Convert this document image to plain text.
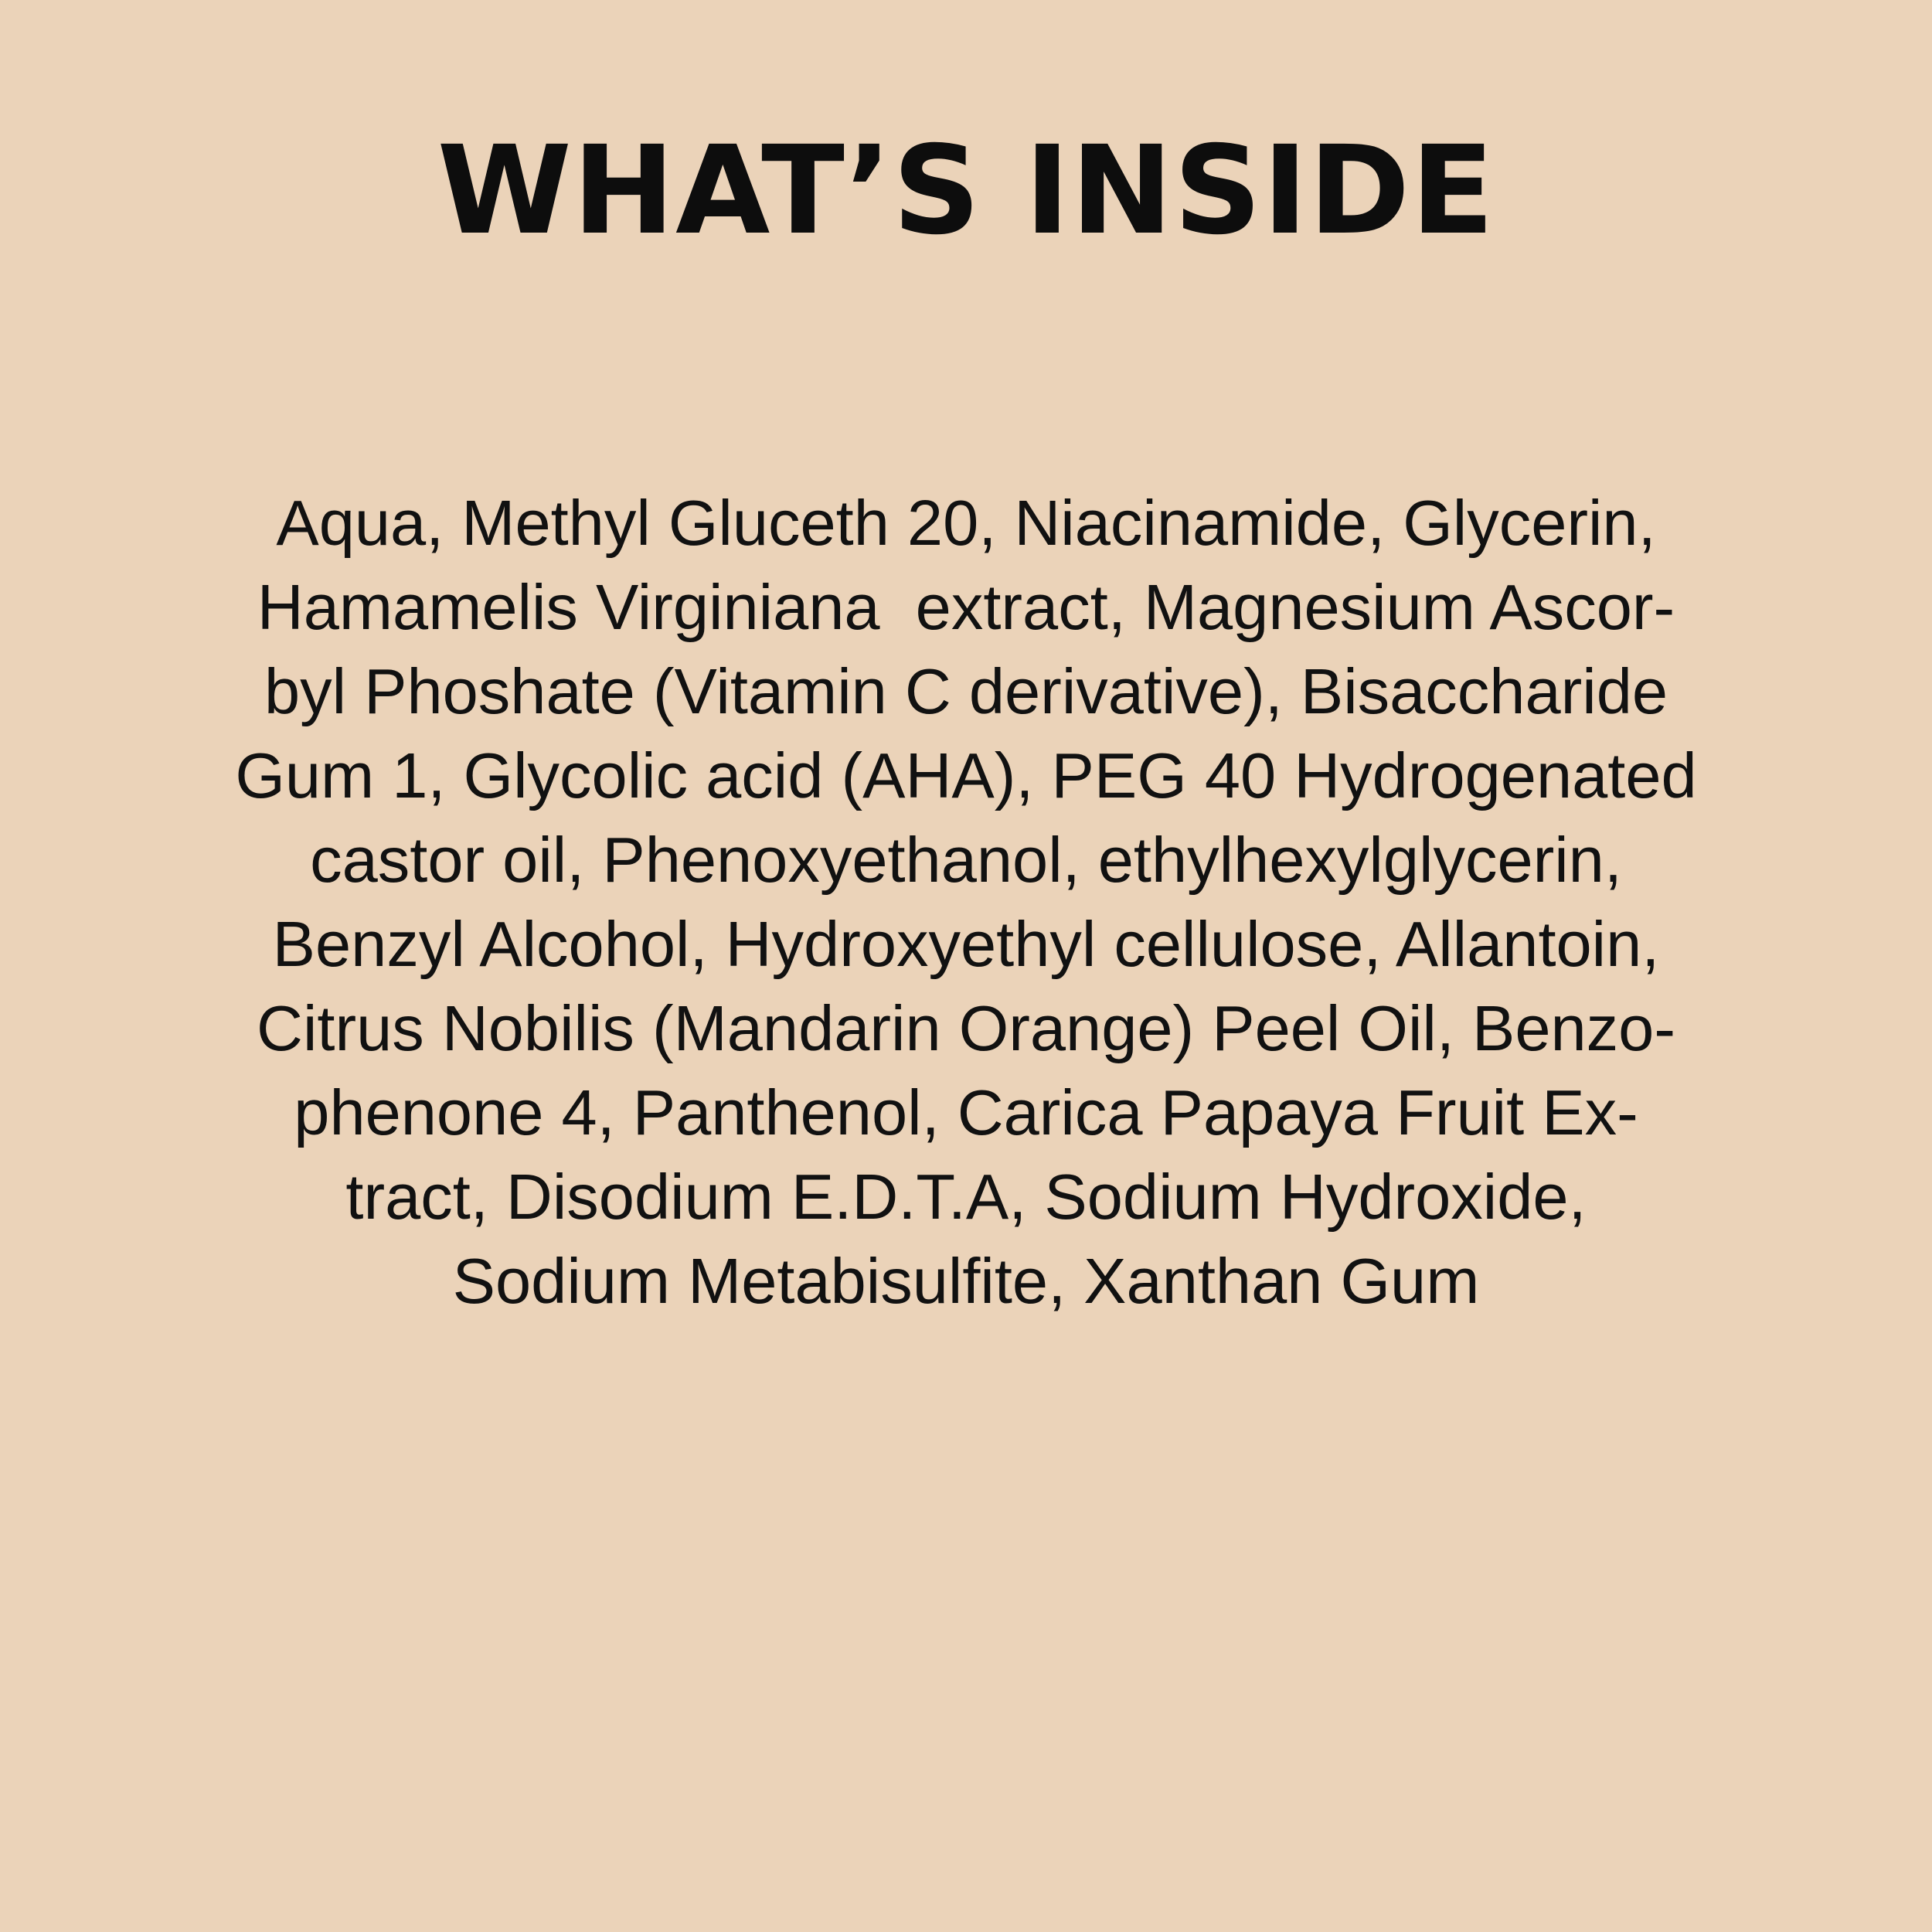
WHAT’S INSIDE
Aqua, Methyl Gluceth 20, Niacinamide, Glycerin,
Hamamelis Virginiana  extract, Magnesium Ascor-
byl Phoshate (Vitamin C derivative), Bisaccharide
Gum 1, Glycolic acid (AHA), PEG 40 Hydrogenated
castor oil, Phenoxyethanol, ethylhexylglycerin,
Benzyl Alcohol, Hydroxyethyl cellulose, Allantoin,
Citrus Nobilis (Mandarin Orange) Peel Oil, Benzo-
phenone 4, Panthenol, Carica Papaya Fruit Ex-
tract, Disodium E.D.T.A, Sodium Hydroxide,
Sodium Metabisulfite, Xanthan Gum
